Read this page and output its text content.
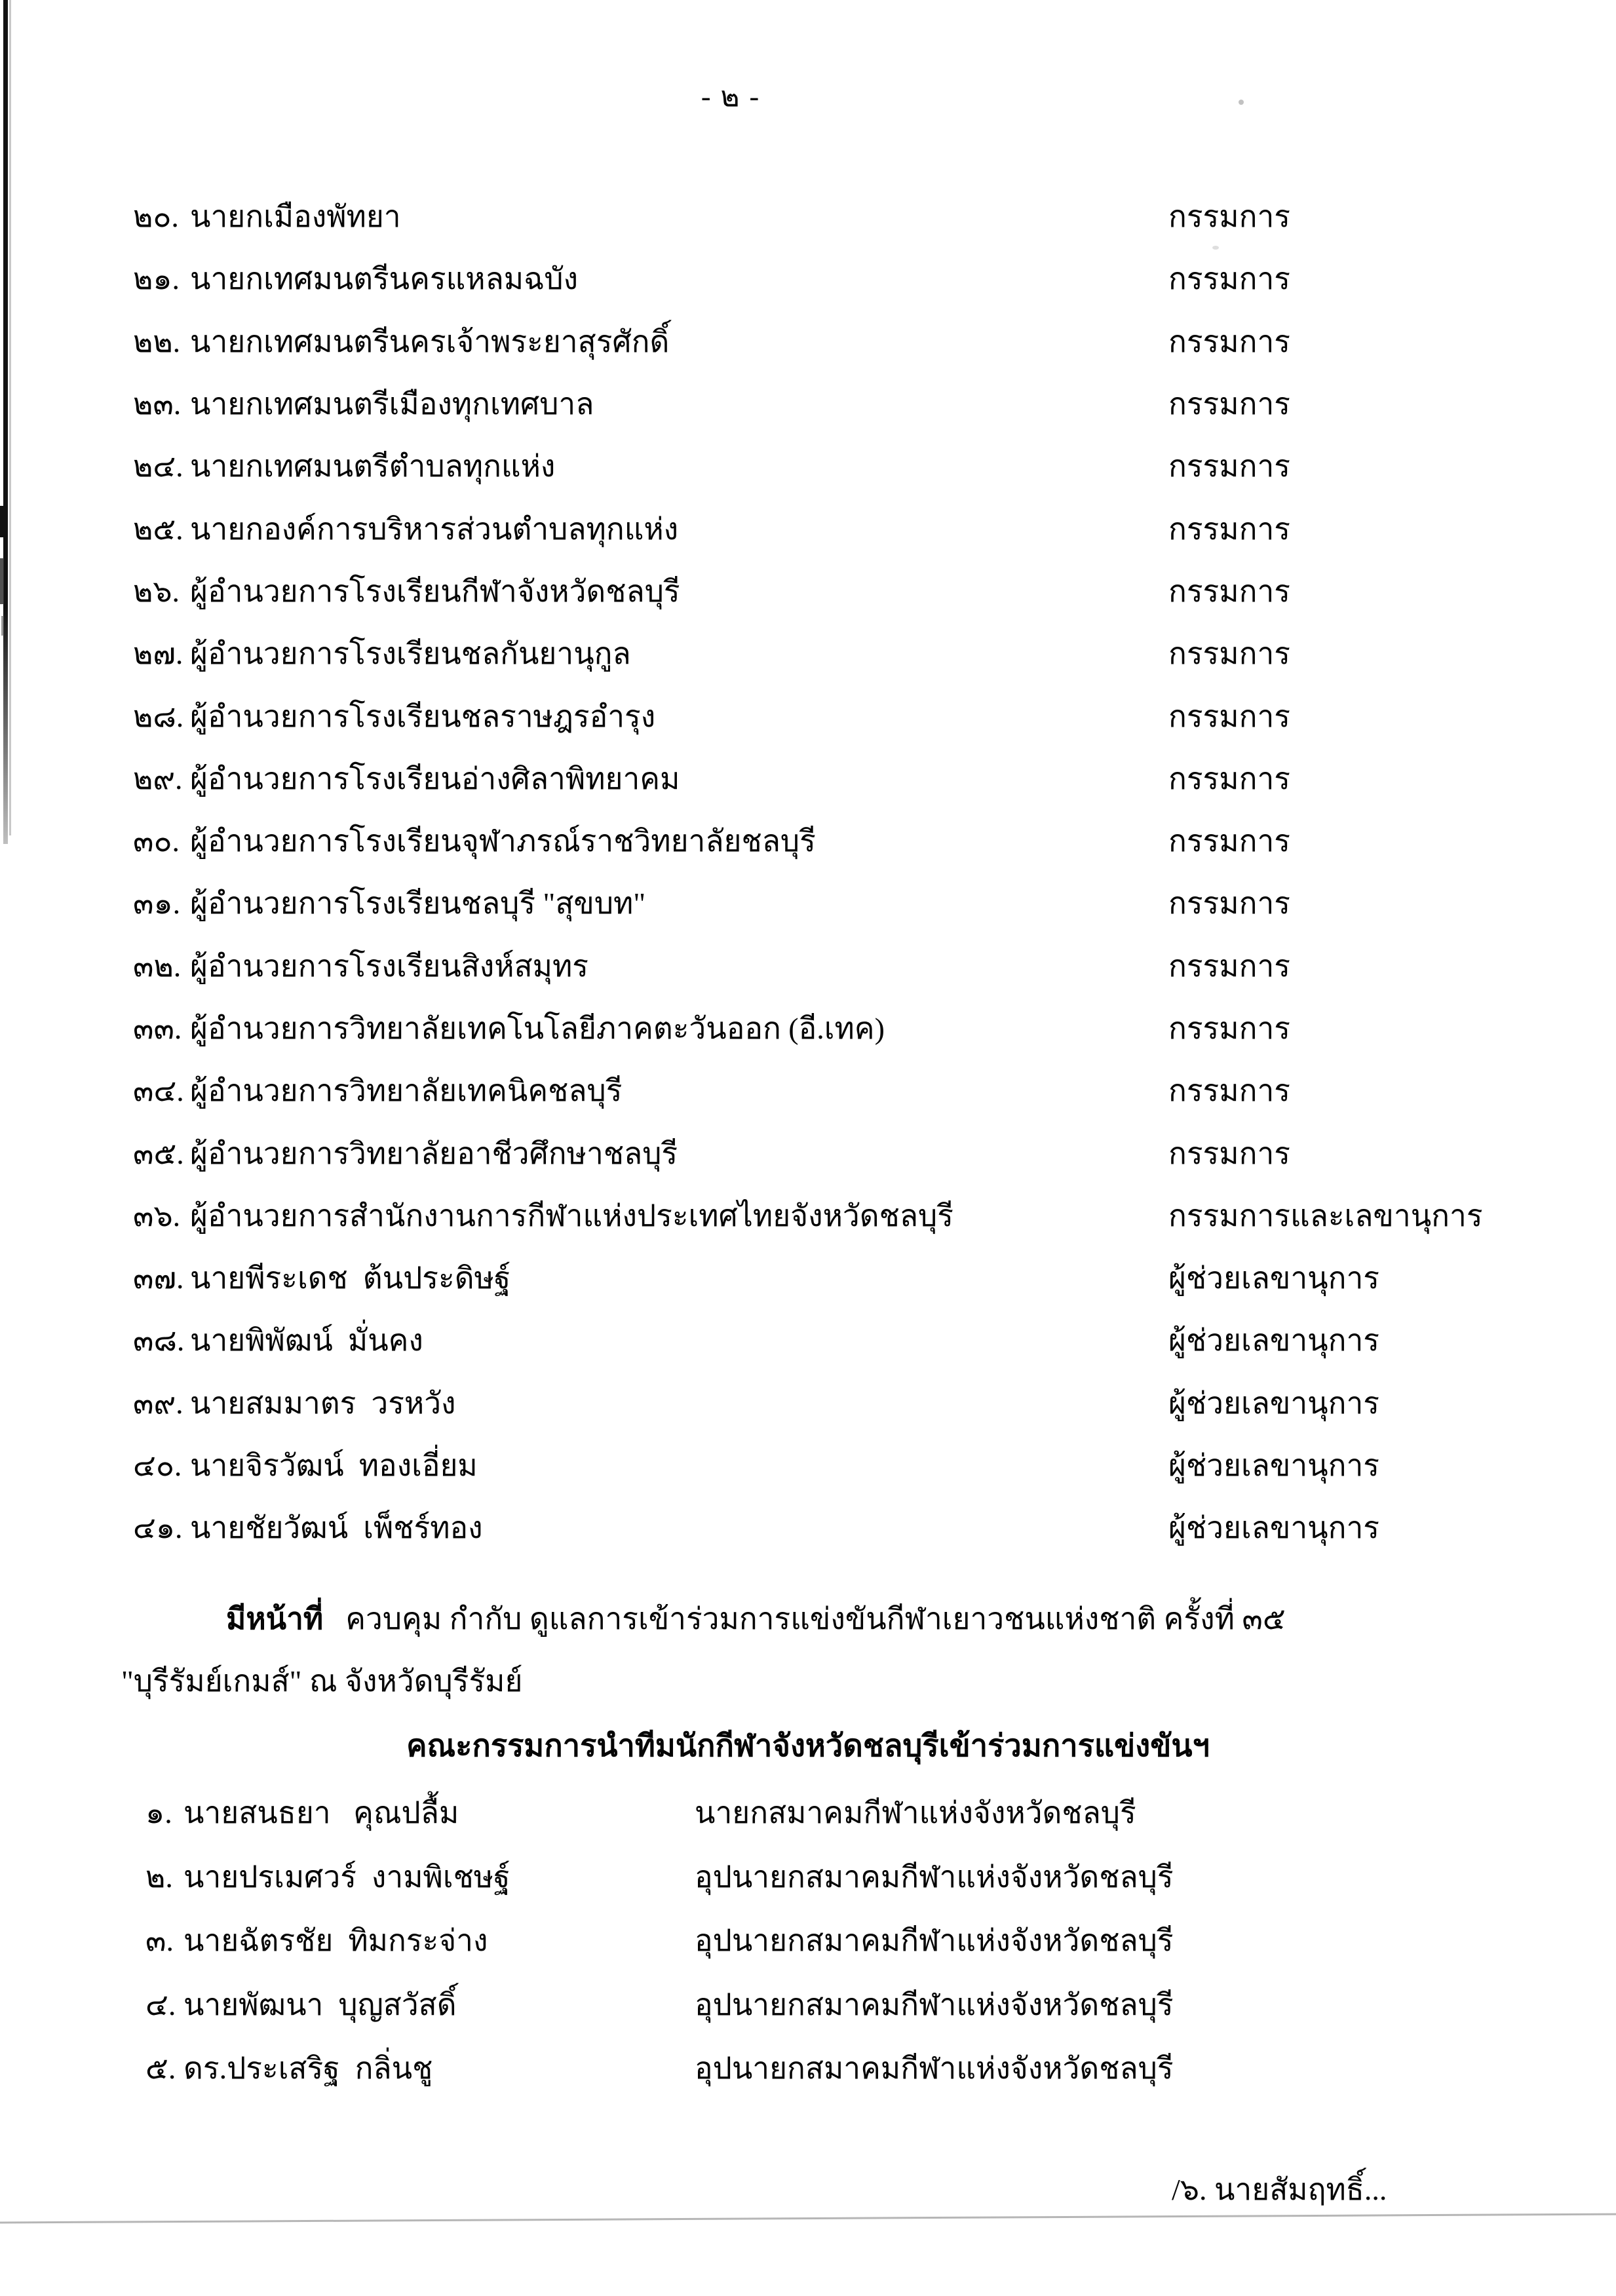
- ๒ -
๒๐. นายกเมืองพัทยา	กรรมการ
๒๑. นายกเทศมนตรีนครแหลมฉบัง	กรรมการ
๒๒. นายกเทศมนตรีนครเจ้าพระยาสุรศักดิ์	กรรมการ
๒๓. นายกเทศมนตรีเมืองทุกเทศบาล	กรรมการ
๒๔. นายกเทศมนตรีตำบลทุกแห่ง	กรรมการ
๒๕. นายกองค์การบริหารส่วนตำบลทุกแห่ง	กรรมการ
๒๖. ผู้อำนวยการโรงเรียนกีฬาจังหวัดชลบุรี	กรรมการ
๒๗. ผู้อำนวยการโรงเรียนชลกันยานุกูล	กรรมการ
๒๘. ผู้อำนวยการโรงเรียนชลราษฎรอำรุง	กรรมการ
๒๙. ผู้อำนวยการโรงเรียนอ่างศิลาพิทยาคม	กรรมการ
๓๐. ผู้อำนวยการโรงเรียนจุฬาภรณ์ราชวิทยาลัยชลบุรี	กรรมการ
๓๑. ผู้อำนวยการโรงเรียนชลบุรี "สุขบท"	กรรมการ
๓๒. ผู้อำนวยการโรงเรียนสิงห์สมุทร	กรรมการ
๓๓. ผู้อำนวยการวิทยาลัยเทคโนโลยีภาคตะวันออก (อี.เทค)	กรรมการ
๓๔. ผู้อำนวยการวิทยาลัยเทคนิคชลบุรี	กรรมการ
๓๕. ผู้อำนวยการวิทยาลัยอาชีวศึกษาชลบุรี	กรรมการ
๓๖. ผู้อำนวยการสำนักงานการกีฬาแห่งประเทศไทยจังหวัดชลบุรี	กรรมการและเลขานุการ
๓๗. นายพีระเดช  ต้นประดิษฐ์	ผู้ช่วยเลขานุการ
๓๘. นายพิพัฒน์  มั่นคง	ผู้ช่วยเลขานุการ
๓๙. นายสมมาตร  วรหวัง	ผู้ช่วยเลขานุการ
๔๐. นายจิรวัฒน์  ทองเอี่ยม	ผู้ช่วยเลขานุการ
๔๑. นายชัยวัฒน์  เพ็ชร์ทอง	ผู้ช่วยเลขานุการ
มีหน้าที่ ควบคุม กำกับ ดูแลการเข้าร่วมการแข่งขันกีฬาเยาวชนแห่งชาติ ครั้งที่ ๓๕
"บุรีรัมย์เกมส์" ณ จังหวัดบุรีรัมย์
คณะกรรมการนำทีมนักกีฬาจังหวัดชลบุรีเข้าร่วมการแข่งขันฯ
๑. นายสนธยา   คุณปลื้ม	นายกสมาคมกีฬาแห่งจังหวัดชลบุรี
๒. นายปรเมศวร์  งามพิเชษฐ์	อุปนายกสมาคมกีฬาแห่งจังหวัดชลบุรี
๓. นายฉัตรชัย  ทิมกระจ่าง	อุปนายกสมาคมกีฬาแห่งจังหวัดชลบุรี
๔. นายพัฒนา  บุญสวัสดิ์	อุปนายกสมาคมกีฬาแห่งจังหวัดชลบุรี
๕. ดร.ประเสริฐ  กลิ่นชู	อุปนายกสมาคมกีฬาแห่งจังหวัดชลบุรี
/๖. นายสัมฤทธิ์...
